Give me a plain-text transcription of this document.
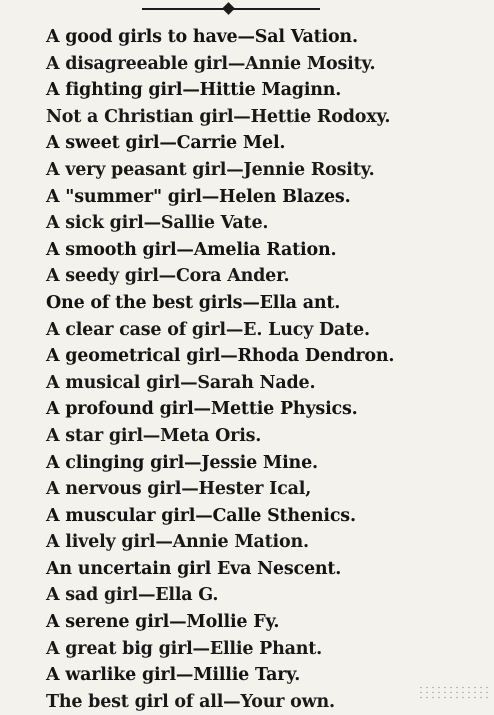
A good girls to have—Sal Vation.
A disagreeable girl—Annie Mosity.
A fighting girl—Hittie Maginn.
Not a Christian girl—Hettie Rodoxy.
A sweet girl—Carrie Mel.
A very peasant girl—Jennie Rosity.
A "summer" girl—Helen Blazes.
A sick girl—Sallie Vate.
A smooth girl—Amelia Ration.
A seedy girl—Cora Ander.
One of the best girls—Ella ant.
A clear case of girl—E. Lucy Date.
A geometrical girl—Rhoda Dendron.
A musical girl—Sarah Nade.
A profound girl—Mettie Physics.
A star girl—Meta Oris.
A clinging girl—Jessie Mine.
A nervous girl—Hester Ical,
A muscular girl—Calle Sthenics.
A lively girl—Annie Mation.
An uncertain girl Eva Nescent.
A sad girl—Ella G.
A serene girl—Mollie Fy.
A great big girl—Ellie Phant.
A warlike girl—Millie Tary.
The best girl of all—Your own.
